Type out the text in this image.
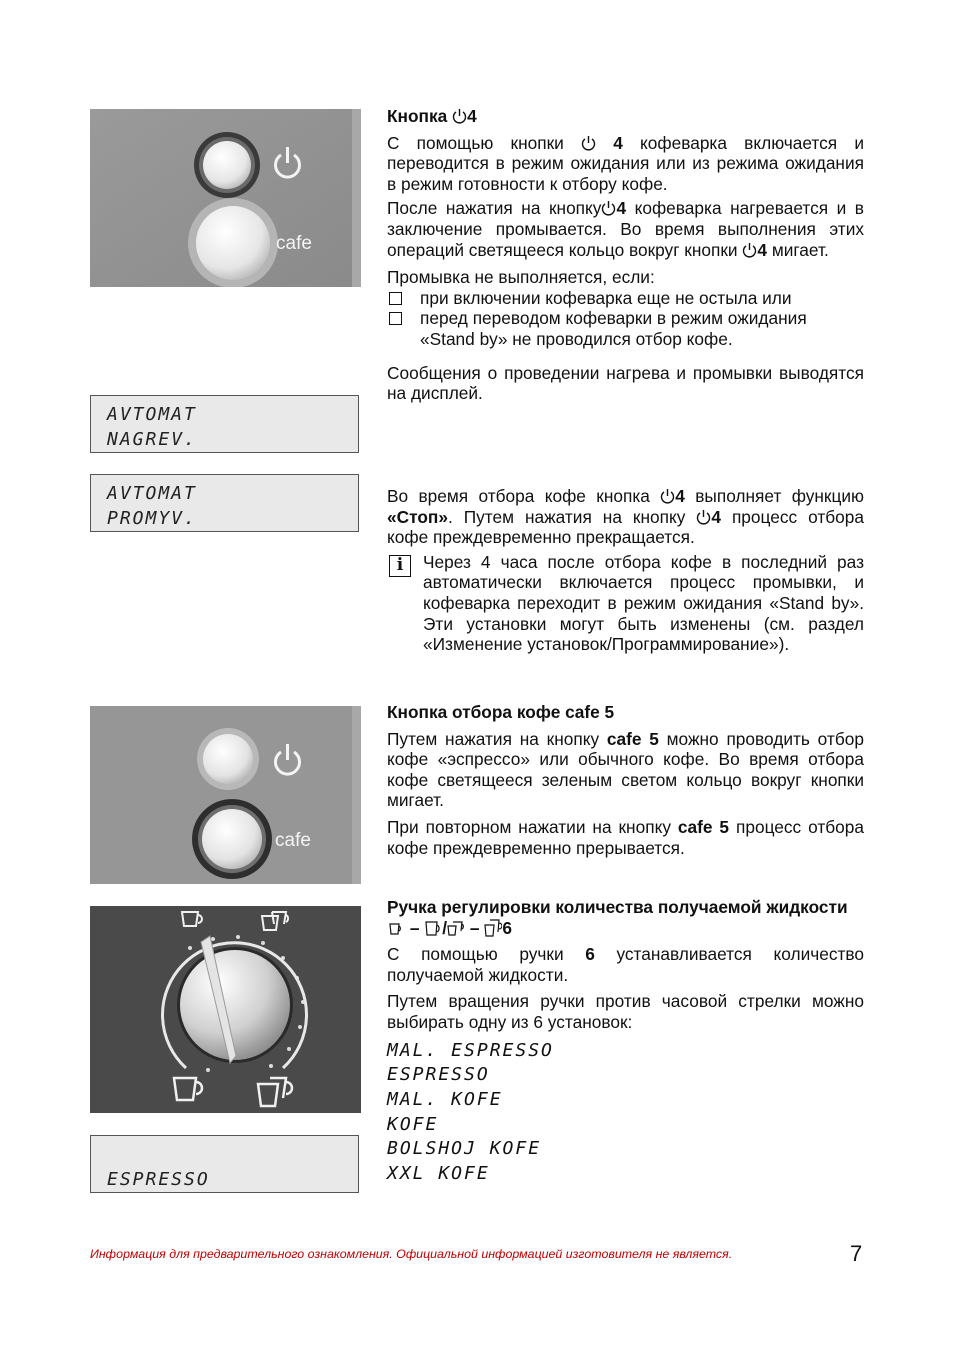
cafe
AVTOMAT
NAGREV.
AVTOMAT
PROMYV.
cafe
ESPRESSO

Кнопка 4

С помощью кнопки	4 кофеварка включается и переводится в режим ожидания или из режима ожидания в режим готовности к отбору кофе.

После нажатия на кнопку 4 кофеварка нагревается и в заключение промывается. Во время выполнения этих операций светящееся кольцо вокруг кнопки 4 мигает.

Промывка не выполняется, если:

при включении кофеварка еще не остыла или
перед переводом кофеварки в режим ожидания «Stand by» не проводился отбор кофе.

Сообщения о проведении нагрева и промывки выводятся на дисплей.

Во время отбора кофе кнопка 4 выполняет функцию «Стоп». Путем нажатия на кнопку 4 процесс отбора кофе преждевременно прекращается.

i	Через 4 часа после отбора кофе в последний раз автоматически включается процесс промывки, и кофеварка переходит в режим ожидания «Stand by». Эти установки могут быть изменены (см. раздел «Изменение установок/Программирование»).

Кнопка отбора кофе cafe 5

Путем нажатия на кнопку cafe 5 можно проводить отбор кофе «эспрессо» или обычного кофе. Во время отбора кофе светящееся зеленым светом кольцо вокруг кнопки мигает.

При повторном нажатии на кнопку cafe 5 процесс отбора кофе преждевременно прерывается.

Ручка регулировки количества получаемой жидкости  – / – 6

С помощью ручки 6 устанавливается количество получаемой жидкости.

Путем вращения ручки против часовой стрелки можно выбирать одну из 6 установок:

MAL. ESPRESSO
ESPRESSO
MAL. KOFE
KOFE
BOLSHOJ KOFE
XXL KOFE
Информация для предварительного ознакомления. Официальной информацией изготовителя не является.	7
